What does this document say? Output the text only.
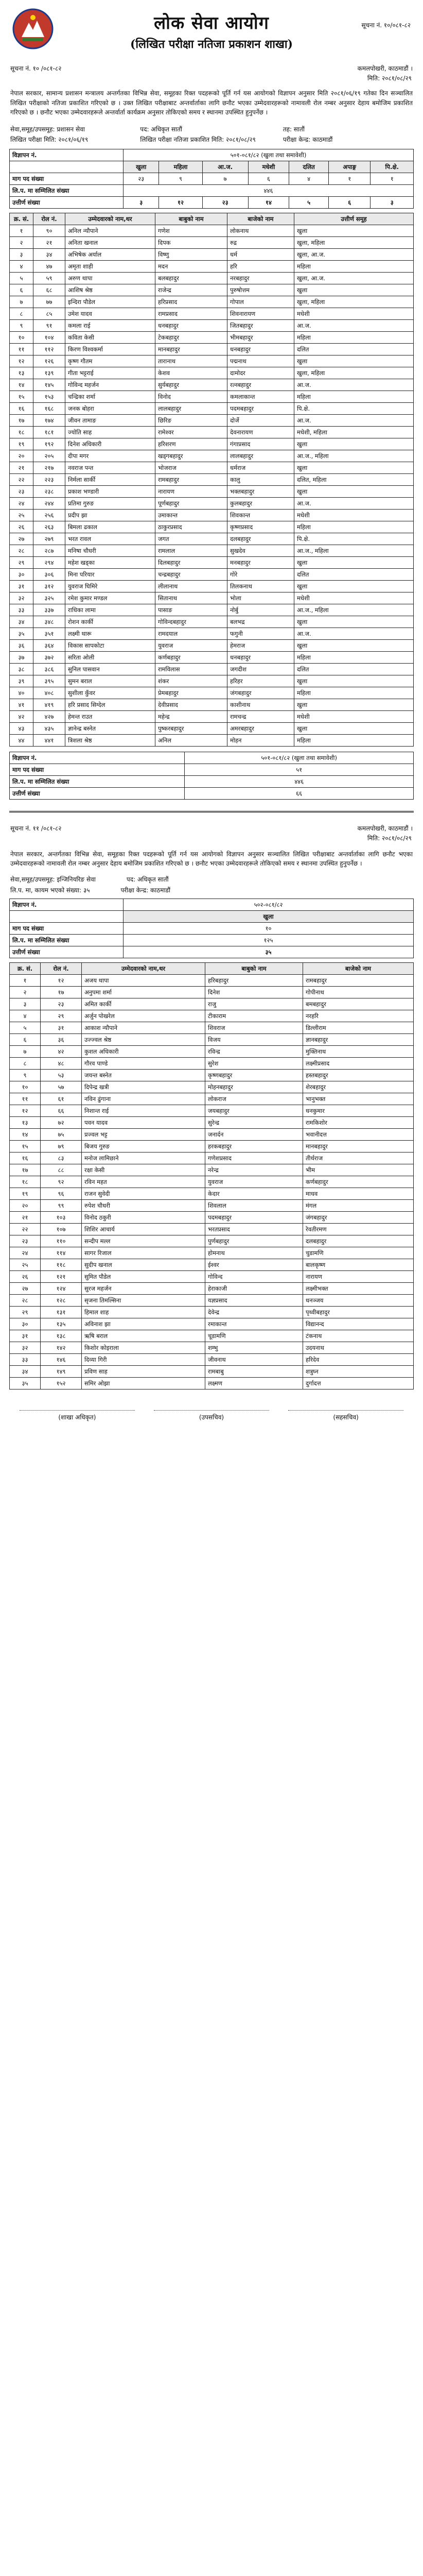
लोक सेवा आयोग
(लिखित परीक्षा नतिजा प्रकाशन शाखा)
सूचना नं. १०/०८१-८२
सूचना नं. १० /०८१-८२	कमलपोखरी, काठमाडौं ।
मिति: २०८१/०८/२९

नेपाल सरकार, सामान्य प्रशासन मन्त्रालय अन्तर्गतका विभिन्न सेवा, समूहका रिक्त पदहरूको पूर्ति गर्न यस आयोगको विज्ञापन अनुसार मिति २०८१/०६/१९ गतेका दिन सञ्चालित लिखित परीक्षाको नतिजा प्रकाशित गरिएको छ । उक्त लिखित परीक्षाबाट अन्तर्वार्ताका लागि छनौट भएका उम्मेदवारहरूको नामावली रोल नम्बर अनुसार देहाय बमोजिम प्रकाशित गरिएको छ । छनौट भएका उम्मेदवारहरूले अन्तर्वार्ता कार्यक्रम अनुसार तोकिएको समय र स्थानमा उपस्थित हुनुपर्नेछ ।

सेवा,समूह/उपसमूह: प्रशासन सेवा	पद: अधिकृत सातौं	तह: सातौं
लिखित परीक्षा मिति: २०८१/०६/१९	लिखित परीक्षा नतिजा प्रकाशित मिति: २०८१/०८/२९	परीक्षा केन्द्र: काठमाडौं
विज्ञापन नं.	५०१-०८१/८२ (खुला तथा समावेशी)						
	खुला	महिला	आ.ज.	मधेशी	दलित	अपाङ्ग	पि.क्षे.
माग पद संख्या	२३	९	७	६	४	१	१
लि.प. मा सम्मिलित संख्या	४४६						
उत्तीर्ण संख्या	३	१२	२३	१४	५	६	३
क्र. सं.	रोल नं.	उम्मेदवारको नाम,थर	बाबुको नाम	बाजेको नाम	उत्तीर्ण समूह
१	९०	अनिल न्यौपाने	गणेश	लोकनाथ	खुला
२	२१	अनिता खनाल	दिपक	रुद्र	खुला, महिला
३	३४	अभिषेक अर्याल	विष्णु	धर्म	खुला, आ.ज.
४	४७	अमृता शाही	मदन	हरि	महिला
५	५९	अरुण थापा	बलबहादुर	नरबहादुर	खुला, आ.ज.
६	६८	आशिष श्रेष्ठ	राजेन्द्र	पुरुषोत्तम	खुला
७	७७	इन्दिरा पौडेल	हरिप्रसाद	गोपाल	खुला, महिला
८	८५	उमेश यादव	रामप्रसाद	शिवनारायण	मधेशी
९	९१	कमला राई	धनबहादुर	जितबहादुर	आ.ज.
१०	१०४	कविता केसी	टेकबहादुर	भीमबहादुर	महिला
११	११२	किरण विश्वकर्मा	मानबहादुर	धनबहादुर	दलित
१२	१२६	कृष्ण गौतम	तारानाथ	पद्मनाथ	खुला
१३	१३९	गीता भट्टराई	केशव	दामोदर	खुला, महिला
१४	१४५	गोविन्द महर्जन	सुर्यबहादुर	रत्नबहादुर	आ.ज.
१५	१५३	चन्द्रिका शर्मा	विनोद	कमलाकान्त	महिला
१६	१६८	जनक बोहरा	लालबहादुर	पदमबहादुर	पि.क्षे.
१७	१७४	जीवन तामाङ	छिरिङ	दोर्जे	आ.ज.
१८	१८१	ज्योति साह	रामेश्वर	देवनारायण	मधेशी, महिला
१९	१९२	दिनेश अधिकारी	हरिशरण	गंगाप्रसाद	खुला
२०	२०५	दीपा मगर	खड्गबहादुर	लालबहादुर	आ.ज., महिला
२१	२१७	नवराज पन्त	भोजराज	धर्मराज	खुला
२२	२२३	निर्मला सार्की	रामबहादुर	कालु	दलित, महिला
२३	२३८	प्रकाश भण्डारी	नारायण	भक्तबहादुर	खुला
२४	२४४	प्रतिमा गुरुङ	पूर्णबहादुर	कुलबहादुर	आ.ज.
२५	२५६	प्रदीप झा	उमाकान्त	शिवकान्त	मधेशी
२६	२६३	बिमला ढकाल	ठाकुरप्रसाद	कृष्णप्रसाद	महिला
२७	२७९	भरत रावल	जगत	दलबहादुर	पि.क्षे.
२८	२८७	मनिषा चौधरी	रामलाल	सुखदेव	आ.ज., महिला
२९	२९४	महेश खड्का	दिलबहादुर	मनबहादुर	खुला
३०	३०६	मिना परियार	चन्द्रबहादुर	गोरे	दलित
३१	३१२	युवराज घिमिरे	लीलानाथ	तिलकनाथ	खुला
३२	३२५	रमेश कुमार मण्डल	सितानाथ	भोला	मधेशी
३३	३३७	राधिका लामा	पासाङ	नोर्बु	आ.ज., महिला
३४	३४८	रोशन कार्की	गोविन्दबहादुर	बलभद्र	खुला
३५	३५१	लक्ष्मी थारू	रामदयाल	फगुनी	आ.ज.
३६	३६४	विकास सापकोटा	युवराज	हेमराज	खुला
३७	३७२	सरिता ओली	कर्णबहादुर	धनबहादुर	महिला
३८	३८६	सुनिल पासवान	रामविलास	जगदीश	दलित
३९	३९५	सुमन बराल	शंकर	हरिहर	खुला
४०	४०८	सुशीला कुँवर	प्रेमबहादुर	जंगबहादुर	महिला
४१	४१९	हरि प्रसाद सिग्देल	देवीप्रसाद	काशीनाथ	खुला
४२	४२७	हेमन्त राउत	महेन्द्र	रामचन्द्र	मधेशी
४३	४३५	ज्ञानेन्द्र बस्नेत	पुष्करबहादुर	अमरबहादुर	खुला
४४	४४१	त्रिशला श्रेष्ठ	अनिल	मोहन	महिला
विज्ञापन नं.	५०१-०८१/८२ (खुला तथा समावेशी)
माग पद संख्या	५१
लि.प. मा सम्मिलित संख्या	४४६
उत्तीर्ण संख्या	६६
सूचना नं. ११ /०८१-८२	कमलपोखरी, काठमाडौं ।
मिति: २०८१/०८/२९

नेपाल सरकार, अन्तर्गतका विभिन्न सेवा, समूहका रिक्त पदहरूको पूर्ति गर्न यस आयोगको विज्ञापन अनुसार सञ्चालित लिखित परीक्षाबाट अन्तर्वार्ताका लागि छनौट भएका उम्मेदवारहरूको नामावली रोल नम्बर अनुसार देहाय बमोजिम प्रकाशित गरिएको छ । छनौट भएका उम्मेदवारहरूले तोकिएको समय र स्थानमा उपस्थित हुनुपर्नेछ ।

सेवा,समूह/उपसमूह: इन्जिनियरिङ सेवा	पद: अधिकृत सातौं
लि.प. मा, कायम भएको संख्या: ३५	परीक्षा केन्द्र: काठमाडौं
विज्ञापन नं.	५०२-०८१/८२
	खुला
माग पद संख्या	१०
लि.प. मा सम्मिलित संख्या	१२५
उत्तीर्ण संख्या	३५
क्र. सं.	रोल नं.	उम्मेदवारको नाम,थर	बाबुको नाम	बाजेको नाम
१	१२	अजय थापा	हरिबहादुर	रामबहादुर
२	१७	अनुपमा शर्मा	दिनेश	गोपीनाथ
३	२३	अमित कार्की	राजु	बमबहादुर
४	२९	अर्जुन पोखरेल	टीकाराम	नरहरि
५	३१	आकाश न्यौपाने	शिवराज	डिल्लीराम
६	३६	उज्ज्वल श्रेष्ठ	विजय	ज्ञानबहादुर
७	४२	कुशल अधिकारी	रविन्द्र	मुक्तिनाथ
८	४८	गौरव पाण्डे	सुरेश	लक्ष्मीप्रसाद
९	५३	जयन्त बस्नेत	कृष्णबहादुर	हस्तबहादुर
१०	५७	दिपेन्द्र खत्री	मोहनबहादुर	शेरबहादुर
११	६१	नविन ढुंगाना	लोकराज	भानुभक्त
१२	६६	निशान्त राई	जयबहादुर	धनकुमार
१३	७२	पवन यादव	सुरेन्द्र	रामकिशोर
१४	७५	प्रज्वल भट्ट	जनार्दन	भवानीदत्त
१५	७९	बिजय गुरुङ	हरकबहादुर	मानबहादुर
१६	८३	मनोज लामिछाने	गणेशप्रसाद	तीर्थराज
१७	८८	रक्षा केसी	नरेन्द्र	भीम
१८	९२	रविन महत	युवराज	कर्णबहादुर
१९	९६	राजन सुवेदी	केदार	माधव
२०	९९	रुपेश चौधरी	शिवलाल	मंगल
२१	१०३	विनोद ठकुरी	पदमबहादुर	जंगबहादुर
२२	१०७	शिशिर आचार्य	भरतप्रसाद	रेवतीरमण
२३	११०	सन्दीप मल्ल	पुर्णबहादुर	दलबहादुर
२४	११४	सागर रिजाल	होमनाथ	चुडामणि
२५	११८	सुदीप खनाल	ईश्वर	बालकृष्ण
२६	१२१	सुमित पौडेल	गोविन्द	नारायण
२७	१२४	सुरज महर्जन	हेराकाजी	लक्ष्मीभक्त
२८	१२८	सृजना तिमल्सिना	यज्ञप्रसाद	धनञ्जय
२९	१३१	हिमाल शाह	देवेन्द्र	पृथ्वीबहादुर
३०	१३५	अविनाश झा	रमाकान्त	विद्यानन्द
३१	१३८	ऋषि बराल	चूडामणि	टंकनाथ
३२	१४२	किशोर कोइराला	शम्भु	उदयनाथ
३३	१४६	दिव्या गिरी	जीवनाथ	हरिदेव
३४	१४९	प्रविण साह	रामबाबु	शत्रुघ्न
३५	१५२	समिर ओझा	लक्ष्मण	दुर्गादत्त
(शाखा अधिकृत)	(उपसचिव)	(सहसचिव)
